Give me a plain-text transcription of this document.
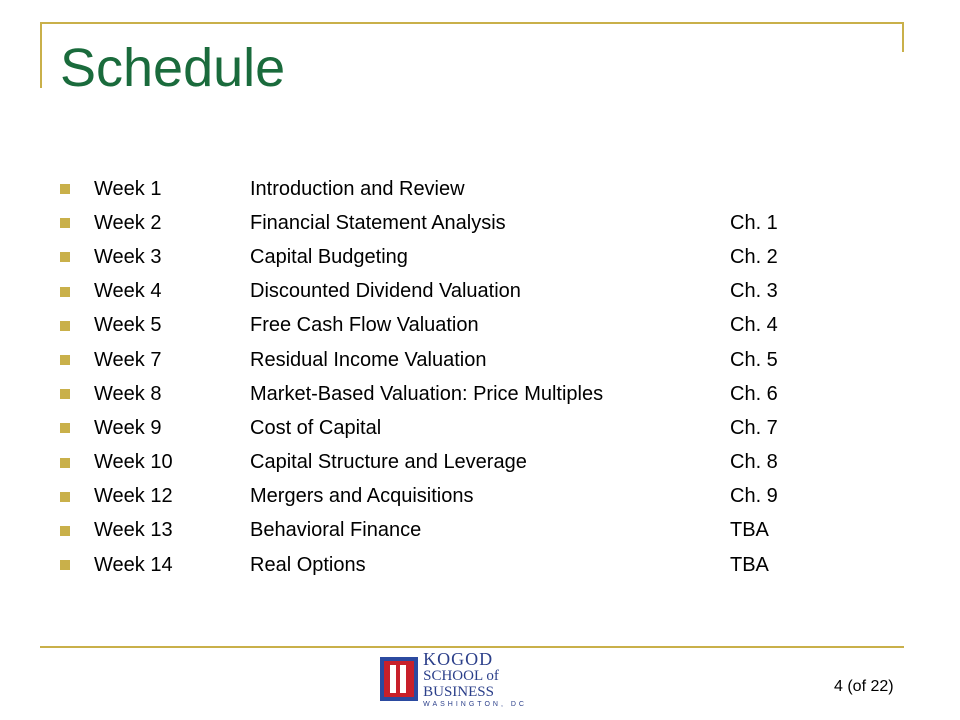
Schedule
Week 1	Introduction and Review
Week 2	Financial Statement Analysis	Ch. 1
Week 3	Capital Budgeting	Ch. 2
Week 4	Discounted Dividend Valuation	Ch. 3
Week 5	Free Cash Flow Valuation	Ch. 4
Week 7	Residual Income Valuation	Ch. 5
Week 8	Market-Based Valuation: Price Multiples	Ch. 6
Week 9	Cost of Capital	Ch. 7
Week 10	Capital Structure and Leverage	Ch. 8
Week 12	Mergers and Acquisitions	Ch. 9
Week 13	Behavioral Finance	TBA
Week 14	Real Options	TBA
KOGOD
SCHOOL of BUSINESS
WASHINGTON, DC
4 (of 22)
